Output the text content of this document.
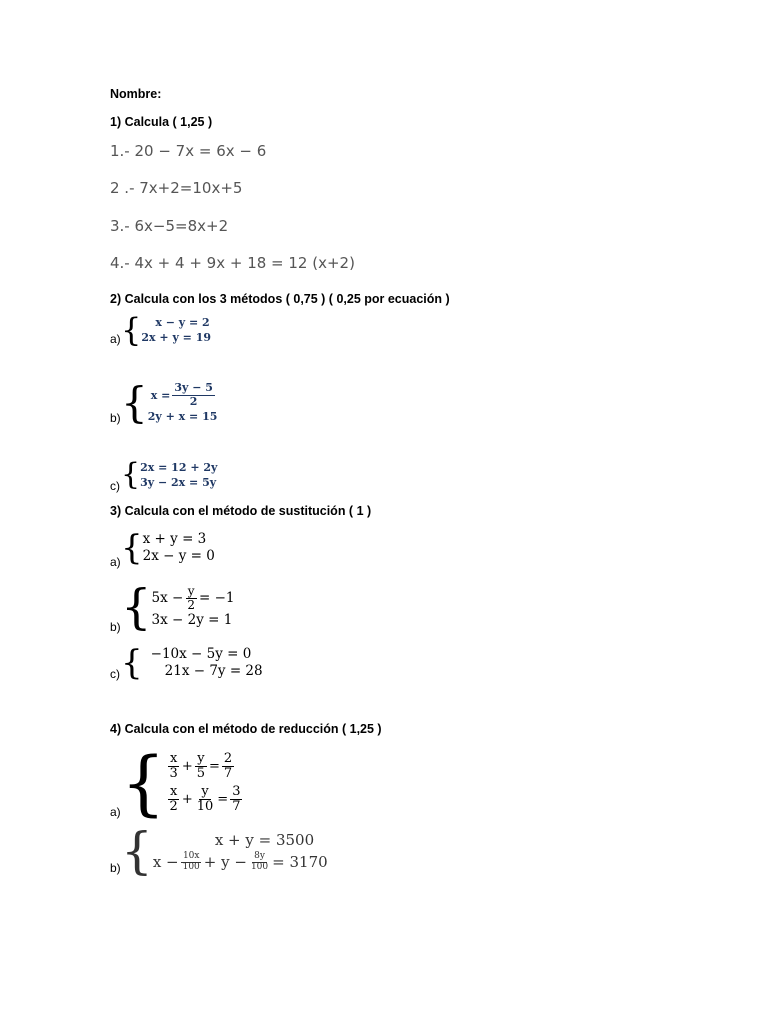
Nombre:
1) Calcula ( 1,25 )
1.- 20 − 7x = 6x − 6
2 .- 7x+2=10x+5
3.- 6x−5=8x+2
4.- 4x + 4 + 9x + 18 = 12 (x+2)
2) Calcula con los 3 métodos ( 0,75 ) ( 0,25 por ecuación )
a) {	x − y = 2
2x + y = 19
b) { $x = \frac{3y - 5}{2}$
2y + x = 15
c) { 2x = 12 + 2y
3y − 2x = 5y
3) Calcula con el método de sustitución ( 1 )
a) { x + y = 3
2x − y = 0
b) { $5x - \frac{y}{2} = -1$
3x − 2y = 1
c) { −10x − 5y = 0
21x − 7y = 28
4) Calcula con el método de reducción ( 1,25 )
a) { $\frac{x}{3} + \frac{y}{5} = \frac{2}{7}$
$\frac{x}{2} + \frac{y}{10} = \frac{3}{7}$
b) {	x + y = 3500
$x - \frac{10x}{100} + y - \frac{8y}{100} = 3170$
